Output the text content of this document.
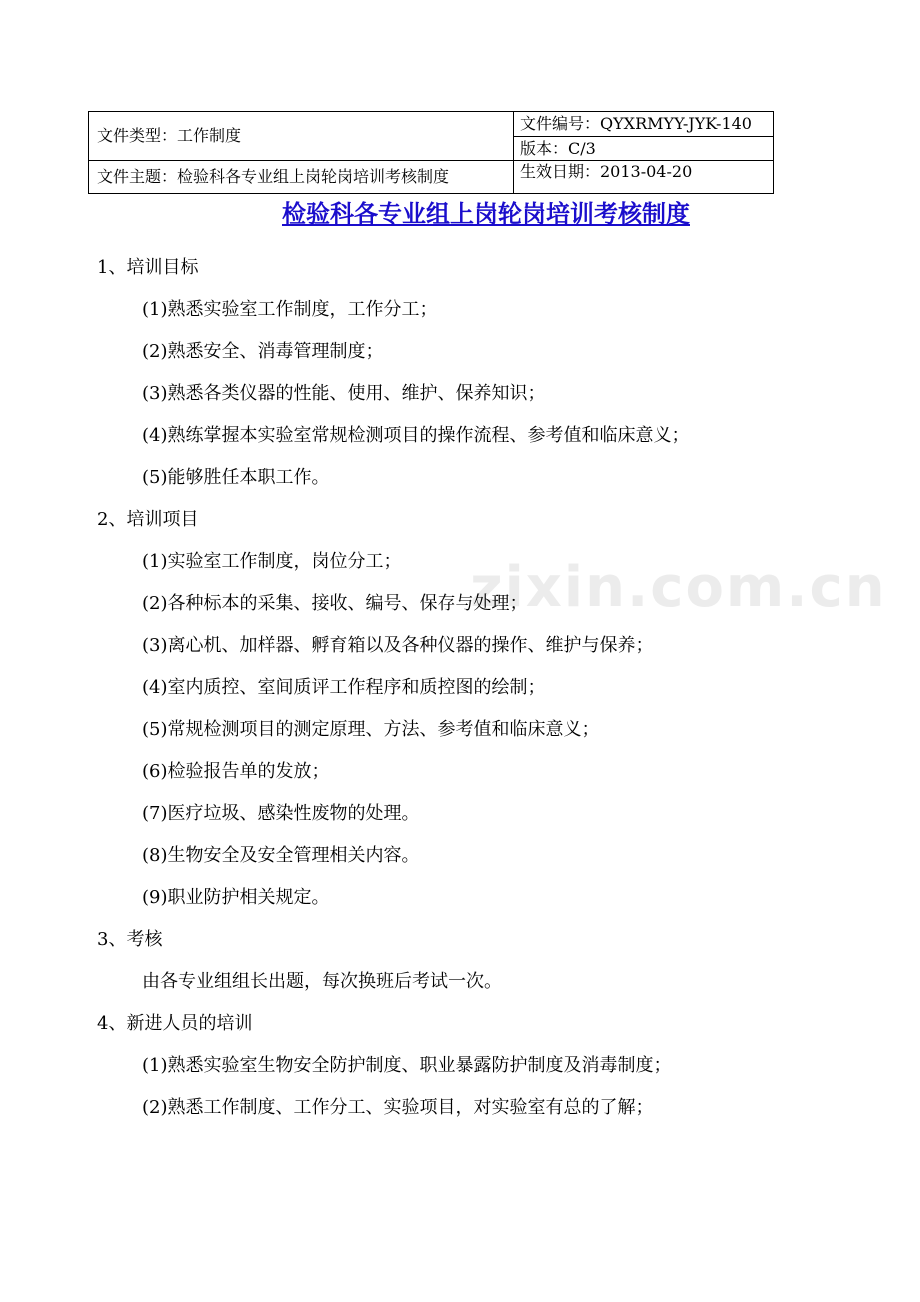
文件类型：工作制度	文件编号：QYXRMYY-JYK-140
	版本：C/3
文件主题：检验科各专业组上岗轮岗培训考核制度	生效日期：2013-04-20
检验科各专业组上岗轮岗培训考核制度
zixin.com.cn
1、培训目标
(1)熟悉实验室工作制度，工作分工；
(2)熟悉安全、消毒管理制度；
(3)熟悉各类仪器的性能、使用、维护、保养知识；
(4)熟练掌握本实验室常规检测项目的操作流程、参考值和临床意义；
(5)能够胜任本职工作。
2、培训项目
(1)实验室工作制度，岗位分工；
(2)各种标本的采集、接收、编号、保存与处理；
(3)离心机、加样器、孵育箱以及各种仪器的操作、维护与保养；
(4)室内质控、室间质评工作程序和质控图的绘制；
(5)常规检测项目的测定原理、方法、参考值和临床意义；
(6)检验报告单的发放；
(7)医疗垃圾、感染性废物的处理。
(8)生物安全及安全管理相关内容。
(9)职业防护相关规定。
3、考核
由各专业组组长出题，每次换班后考试一次。
4、新进人员的培训
(1)熟悉实验室生物安全防护制度、职业暴露防护制度及消毒制度；
(2)熟悉工作制度、工作分工、实验项目，对实验室有总的了解；
